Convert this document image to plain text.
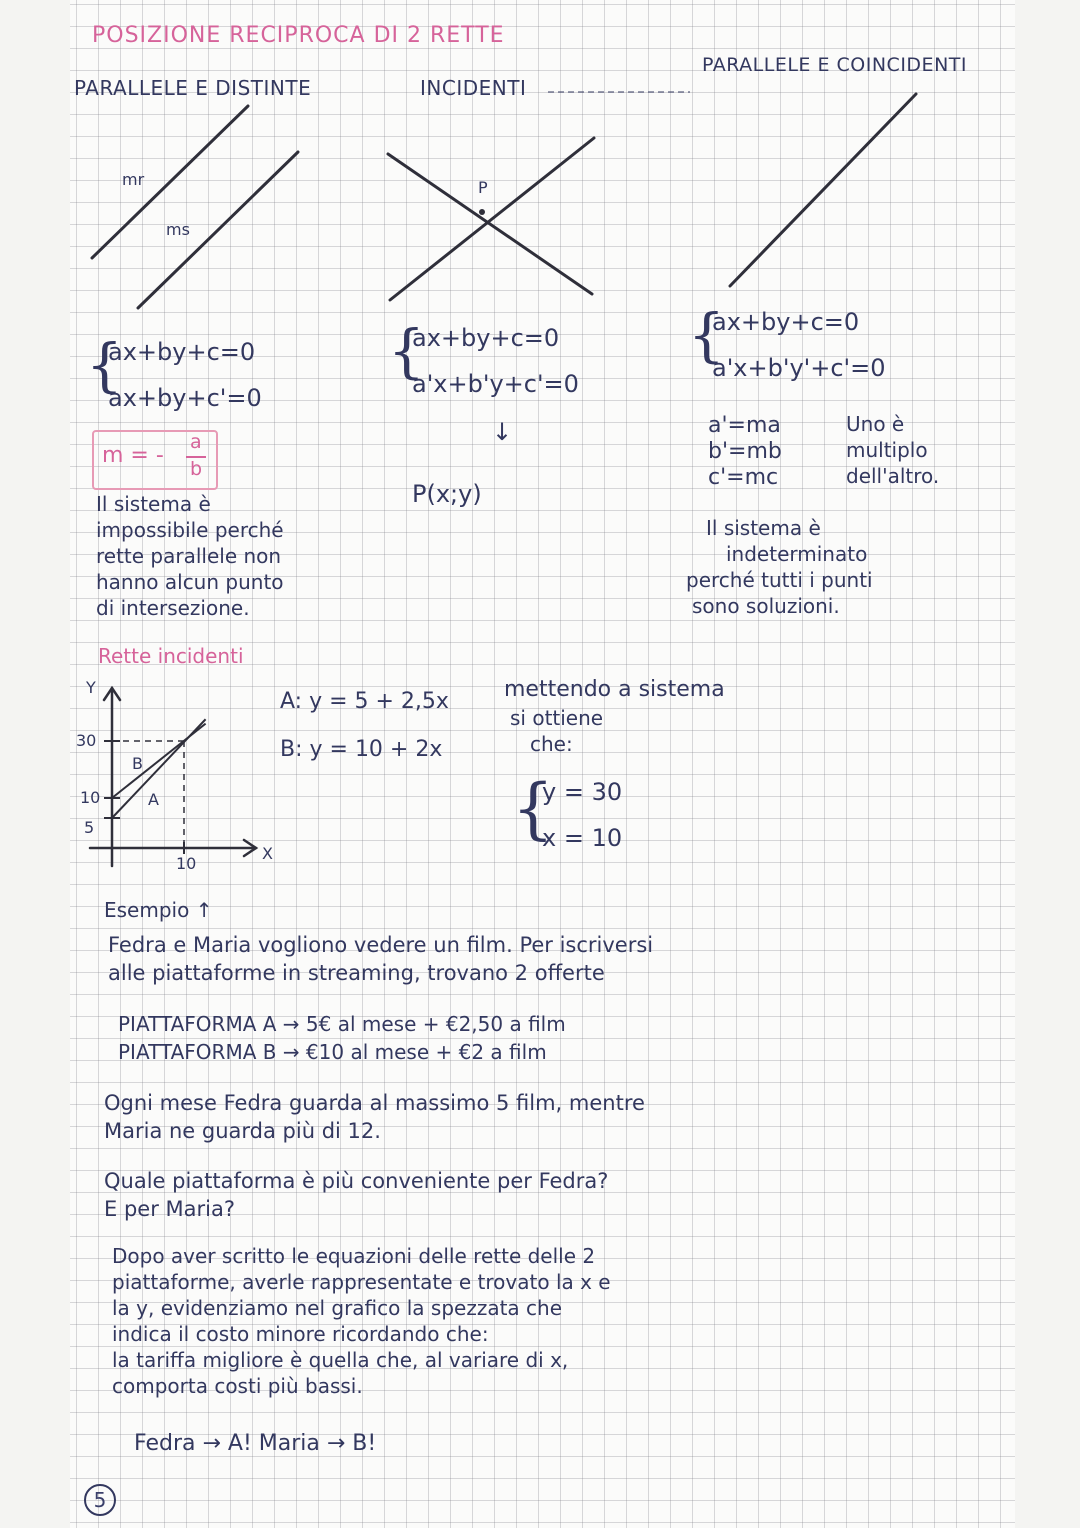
POSIZIONE RECIPROCA DI 2 RETTE
PARALLELE E DISTINTE	INCIDENTI
PARALLELE E COINCIDENTI
mr
ms
P
{
ax+by+c=0
ax+by+c'=0
m = -
a
b
Il sistema è
impossibile perché
rette parallele non
hanno alcun punto
di intersezione.
{
ax+by+c=0
a'x+b'y+c'=0
↓
P(x;y)
{
ax+by+c=0
a'x+b'y'+c'=0
a'=ma
b'=mb
c'=mc
Uno è
multiplo
dell'altro.
Il sistema è
indeterminato
perché tutti i punti
sono soluzioni.
Rette incidenti
Y
X
30
10
5
10
B
A
A: y = 5 + 2,5x
B: y = 10 + 2x
mettendo a sistema
si ottiene
che:
{
y = 30
x = 10
Esempio ↑
Fedra e Maria vogliono vedere un film. Per iscriversi
alle piattaforme in streaming, trovano 2 offerte
PIATTAFORMA A → 5€ al mese + €2,50 a film
PIATTAFORMA B → €10 al mese + €2 a film
Ogni mese Fedra guarda al massimo 5 film, mentre
Maria ne guarda più di 12.
Quale piattaforma è più conveniente per Fedra?
E per Maria?
Dopo aver scritto le equazioni delle rette delle 2
piattaforme, averle rappresentate e trovato la x e
la y, evidenziamo nel grafico la spezzata che
indica il costo minore ricordando che:
la tariffa migliore è quella che, al variare di x,
comporta costi più bassi.
Fedra → A! Maria → B!
5
